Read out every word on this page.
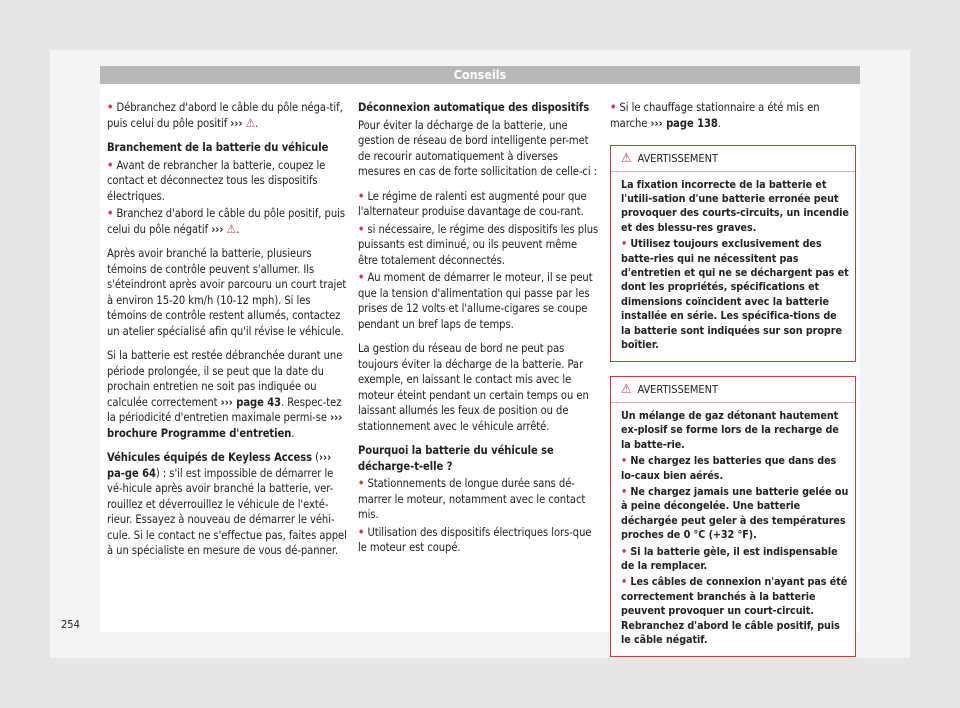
Conseils

• Débranchez d'abord le câble du pôle néga-tif, puis celui du pôle positif ››› ⚠.

Branchement de la batterie du véhicule

• Avant de rebrancher la batterie, coupez le contact et déconnectez tous les dispositifs électriques.

• Branchez d'abord le câble du pôle positif, puis celui du pôle négatif ››› ⚠.

Après avoir branché la batterie, plusieurs témoins de contrôle peuvent s'allumer. Ils s'éteindront après avoir parcouru un court trajet à environ 15-20 km/h (10-12 mph). Si les témoins de contrôle restent allumés, contactez un atelier spécialisé afin qu'il révise le véhicule.

Si la batterie est restée débranchée durant une période prolongée, il se peut que la date du prochain entretien ne soit pas indiquée ou calculée correctement ››› page 43. Respec-tez la périodicité d'entretien maximale permi-se ››› brochure Programme d'entretien.

Véhicules équipés de Keyless Access (››› pa-ge 64) : s'il est impossible de démarrer le vé-hicule après avoir branché la batterie, ver-rouillez et déverrouillez le véhicule de l'exté-rieur. Essayez à nouveau de démarrer le véhi-cule. Si le contact ne s'effectue pas, faites appel à un spécialiste en mesure de vous dé-panner.

Déconnexion automatique des dispositifs

Pour éviter la décharge de la batterie, une gestion de réseau de bord intelligente per-met de recourir automatiquement à diverses mesures en cas de forte sollicitation de celle-ci :

• Le régime de ralenti est augmenté pour que l'alternateur produise davantage de cou-rant.

• si nécessaire, le régime des dispositifs les plus puissants est diminué, ou ils peuvent même être totalement déconnectés.

• Au moment de démarrer le moteur, il se peut que la tension d'alimentation qui passe par les prises de 12 volts et l'allume-cigares se coupe pendant un bref laps de temps.

La gestion du réseau de bord ne peut pas toujours éviter la décharge de la batterie. Par exemple, en laissant le contact mis avec le moteur éteint pendant un certain temps ou en laissant allumés les feux de position ou de stationnement avec le véhicule arrêté.

Pourquoi la batterie du véhicule se décharge-t-elle ?

• Stationnements de longue durée sans dé-marrer le moteur, notamment avec le contact mis.

• Utilisation des dispositifs électriques lors-que le moteur est coupé.

• Si le chauffage stationnaire a été mis en marche ››› page 138.

⚠ AVERTISSEMENT

La fixation incorrecte de la batterie et l'utili-sation d'une batterie erronée peut provoquer des courts-circuits, un incendie et des blessu-res graves.

• Utilisez toujours exclusivement des batte-ries qui ne nécessitent pas d'entretien et qui ne se déchargent pas et dont les propriétés, spécifications et dimensions coïncident avec la batterie installée en série. Les spécifica-tions de la batterie sont indiquées sur son propre boîtier.

⚠ AVERTISSEMENT

Un mélange de gaz détonant hautement ex-plosif se forme lors de la recharge de la batte-rie.

• Ne chargez les batteries que dans des lo-caux bien aérés.

• Ne chargez jamais une batterie gelée ou à peine décongelée. Une batterie déchargée peut geler à des températures proches de 0 °C (+32 °F).

• Si la batterie gèle, il est indispensable de la remplacer.

• Les câbles de connexion n'ayant pas été correctement branchés à la batterie peuvent provoquer un court-circuit. Rebranchez d'abord le câble positif, puis le câble négatif.

254
